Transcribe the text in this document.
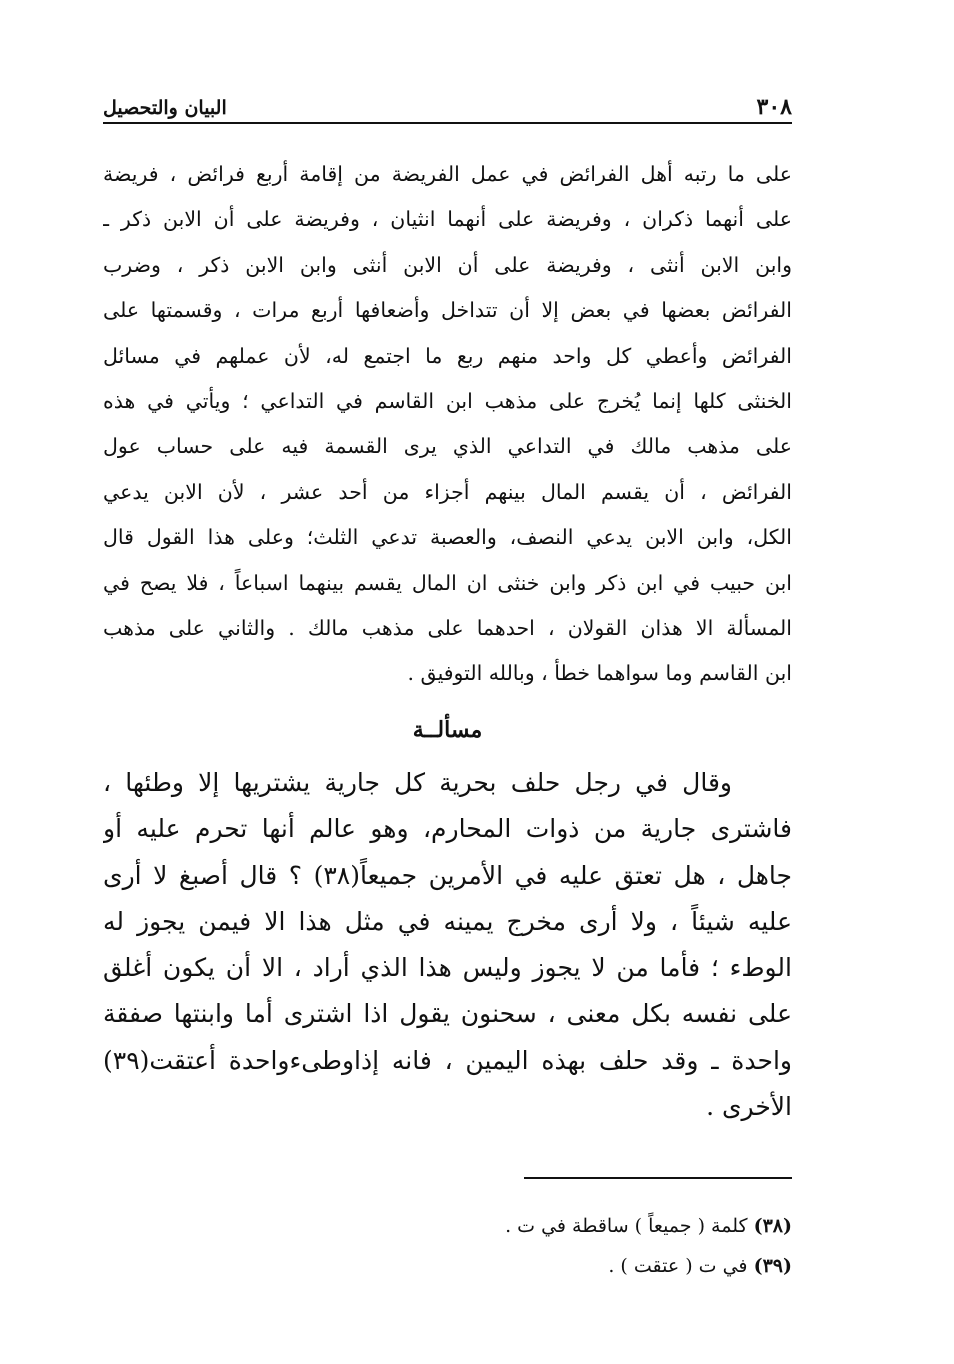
٣٠٨
البيان والتحصيل
على ما رتبه أهل الفرائض في عمل الفريضة من إقامة أربع فرائض ، فريضة
على أنهما ذكران ، وفريضة على أنهما انثيان ، وفريضة على أن الابن ذكر ـ
وابن الابن أنثى ، وفريضة على أن الابن أنثى وابن الابن ذكر ، وضرب
الفرائض بعضها في بعض إلا أن تتداخل وأضعافها أربع مرات ، وقسمتها على
الفرائض وأعطي كل واحد منهم ربع ما اجتمع له، لأن عملهم في مسائل
الخنثى كلها إنما يُخرج على مذهب ابن القاسم في التداعي ؛ ويأتي في هذه
على مذهب مالك في التداعي الذي يرى القسمة فيه على حساب عول
الفرائض ، أن يقسم المال بينهم أجزاء من أحد عشر ، لأن الابن يدعي
الكل، وابن الابن يدعي النصف، والعصبة تدعي الثلث؛ وعلى هذا القول قال
ابن حبيب في ابن ذكر وابن خنثى ان المال يقسم بينهما اسباعاً ، فلا يصح في
المسألة الا هذان القولان ، احدهما على مذهب مالك . والثاني على مذهب
ابن القاسم وما سواهما خطأ ، وبالله التوفيق .
مسألــة
وقال في رجل حلف بحرية كل جارية يشتريها إلا وطئها ،
فاشترى جارية من ذوات المحارم، وهو عالم أنها تحرم عليه أو
جاهل ، هل تعتق عليه في الأمرين جميعاً(٣٨) ؟ قال أصبغ لا أرى
عليه شيئاً ، ولا أرى مخرج يمينه في مثل هذا الا فيمن يجوز له
الوطء ؛ فأما من لا يجوز وليس هذا الذي أراد ، الا أن يكون أغلق
على نفسه بكل معنى ، سحنون يقول اذا اشترى أما وابنتها صفقة
واحدة ـ وقد حلف بهذه اليمين ، فانه إذاوطىءواحدة أعتقت(٣٩)
الأخرى .
(٣٨) كلمة ( جميعاً ) ساقطة في ت .
(٣٩) في ت ( عتقت ) .
